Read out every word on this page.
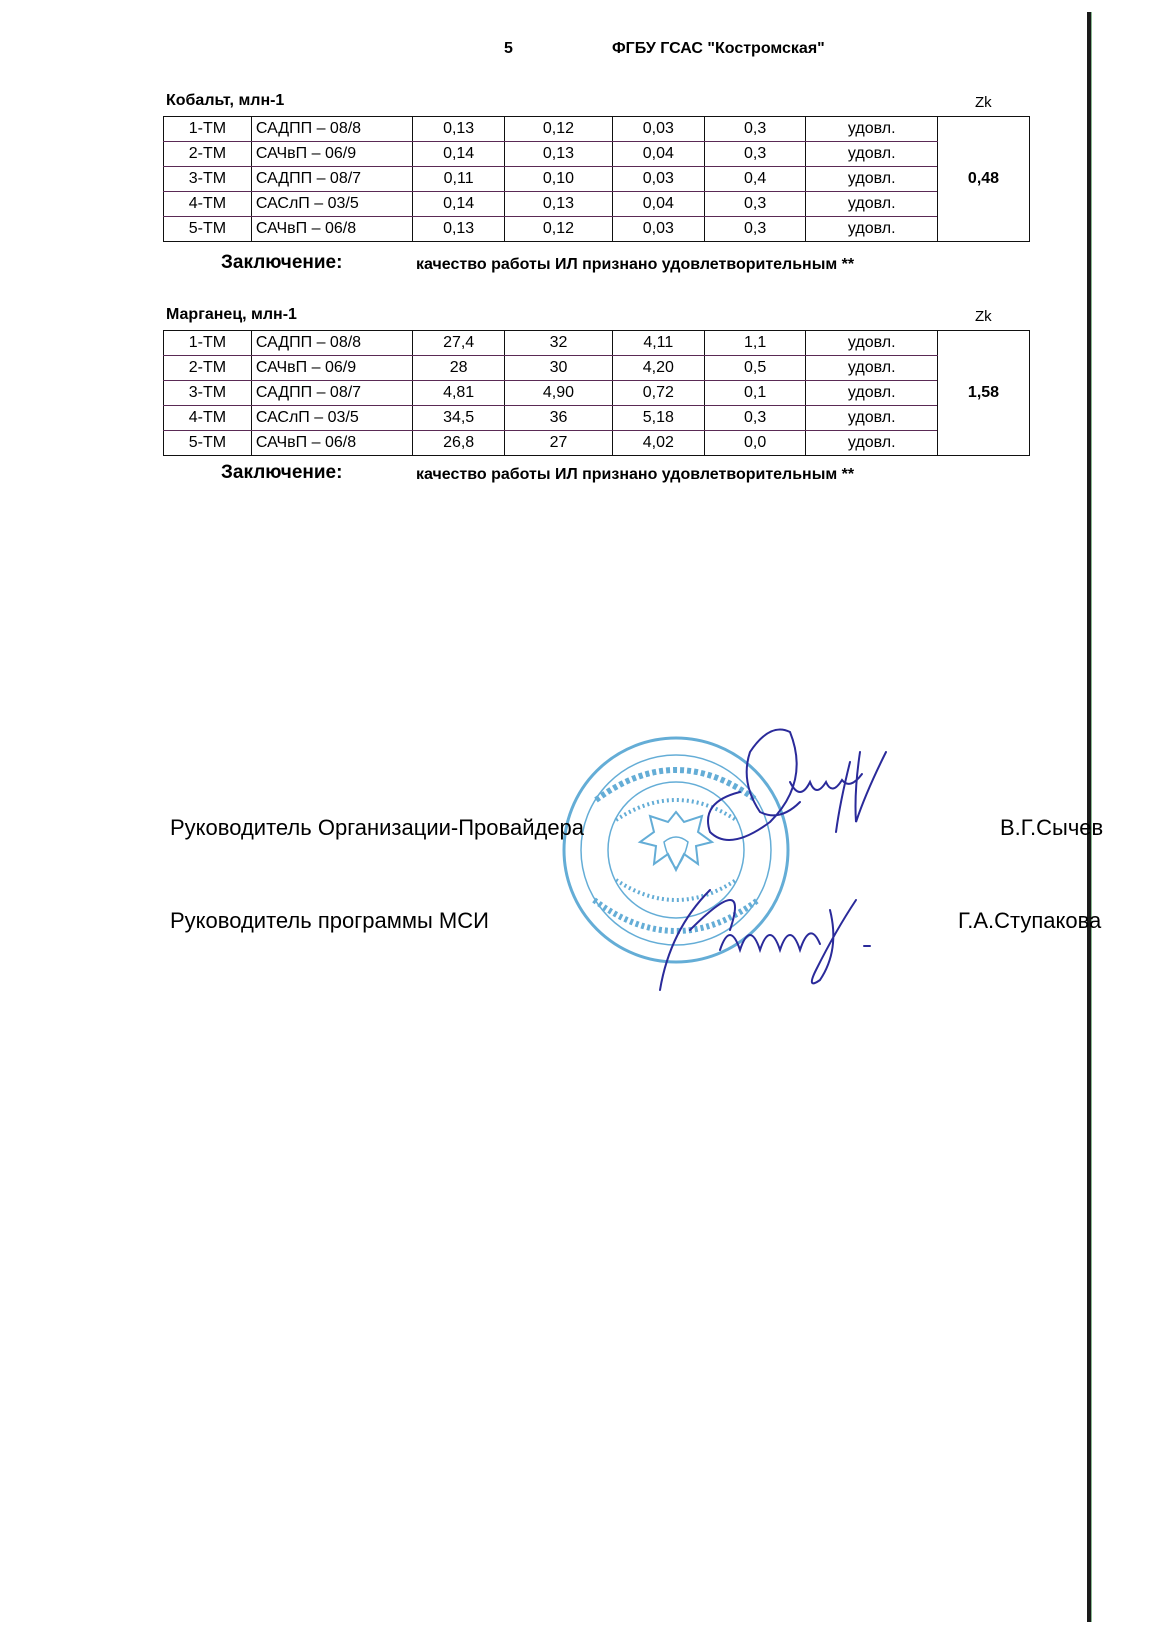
5	ФГБУ ГСАС "Костромская"
Кобальт, млн-1	Zk
1-ТМ	САДПП – 08/8	0,13	0,12	0,03	0,3	удовл.	0,48
2-ТМ	САЧвП – 06/9	0,14	0,13	0,04	0,3	удовл.	
3-ТМ	САДПП – 08/7	0,11	0,10	0,03	0,4	удовл.	
4-ТМ	САСлП – 03/5	0,14	0,13	0,04	0,3	удовл.	
5-ТМ	САЧвП – 06/8	0,13	0,12	0,03	0,3	удовл.	
Заключение:	качество работы ИЛ признано удовлетворительным **
Марганец, млн-1	Zk
1-ТМ	САДПП – 08/8	27,4	32	4,11	1,1	удовл.	1,58
2-ТМ	САЧвП – 06/9	28	30	4,20	0,5	удовл.	
3-ТМ	САДПП – 08/7	4,81	4,90	0,72	0,1	удовл.	
4-ТМ	САСлП – 03/5	34,5	36	5,18	0,3	удовл.	
5-ТМ	САЧвП – 06/8	26,8	27	4,02	0,0	удовл.	
Заключение:	качество работы ИЛ признано удовлетворительным **
Руководитель Организации-Провайдера	В.Г.Сычев
Руководитель программы МСИ	Г.А.Ступакова
